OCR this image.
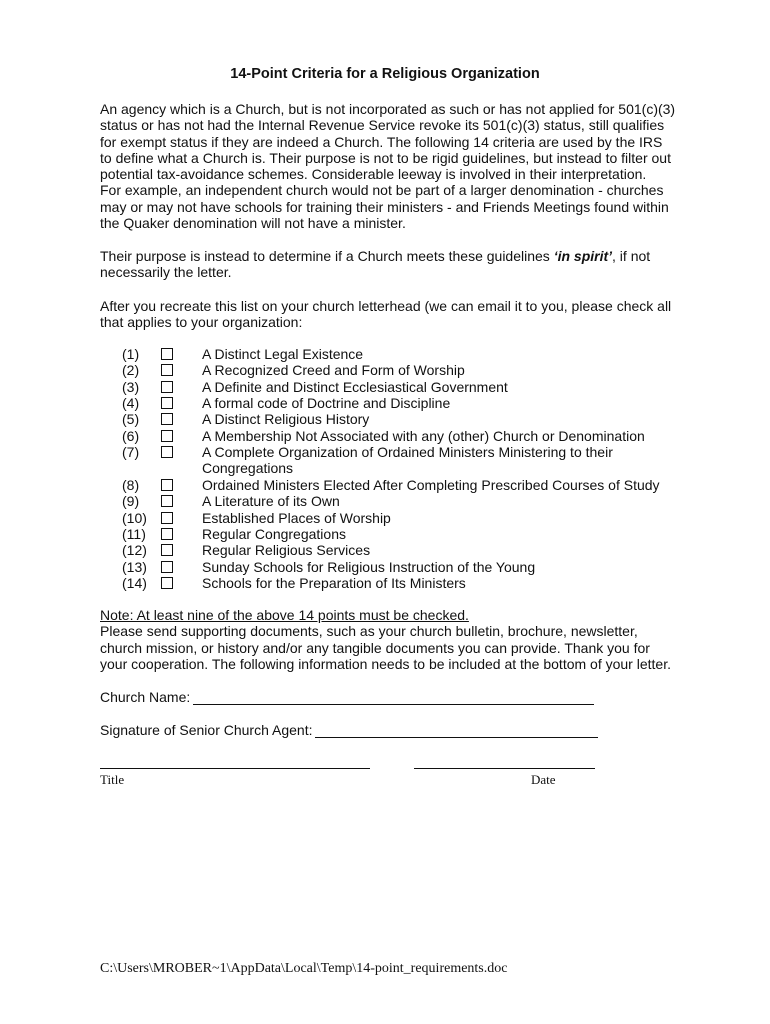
14-Point Criteria for a Religious Organization
An agency which is a Church, but is not incorporated as such or has not applied for 501(c)(3)
status or has not had the Internal Revenue Service revoke its 501(c)(3) status, still qualifies
for exempt status if they are indeed a Church. The following 14 criteria are used by the IRS
to define what a Church is. Their purpose is not to be rigid guidelines, but instead to filter out
potential tax-avoidance schemes. Considerable leeway is involved in their interpretation.
For example, an independent church would not be part of a larger denomination - churches
may or may not have schools for training their ministers - and Friends Meetings found within
the Quaker denomination will not have a minister.
Their purpose is instead to determine if a Church meets these guidelines ‘in spirit’, if not
necessarily the letter.
After you recreate this list on your church letterhead (we can email it to you, please check all
that applies to your organization:
(1)	A Distinct Legal Existence
(2)	A Recognized Creed and Form of Worship
(3)	A Definite and Distinct Ecclesiastical Government
(4)	A formal code of Doctrine and Discipline
(5)	A Distinct Religious History
(6)	A Membership Not Associated with any (other) Church or Denomination
(7)	A Complete Organization of Ordained Ministers Ministering to their Congregations
(8)	Ordained Ministers Elected After Completing Prescribed Courses of Study
(9)	A Literature of its Own
(10)	Established Places of Worship
(11)	Regular Congregations
(12)	Regular Religious Services
(13)	Sunday Schools for Religious Instruction of the Young
(14)	Schools for the Preparation of Its Ministers
Note: At least nine of the above 14 points must be checked.
Please send supporting documents, such as your church bulletin, brochure, newsletter,
church mission, or history and/or any tangible documents you can provide. Thank you for
your cooperation. The following information needs to be included at the bottom of your letter.
Church Name:
Signature of Senior Church Agent:
Title	Date
C:\Users\MROBER~1\AppData\Local\Temp\14-point_requirements.doc
